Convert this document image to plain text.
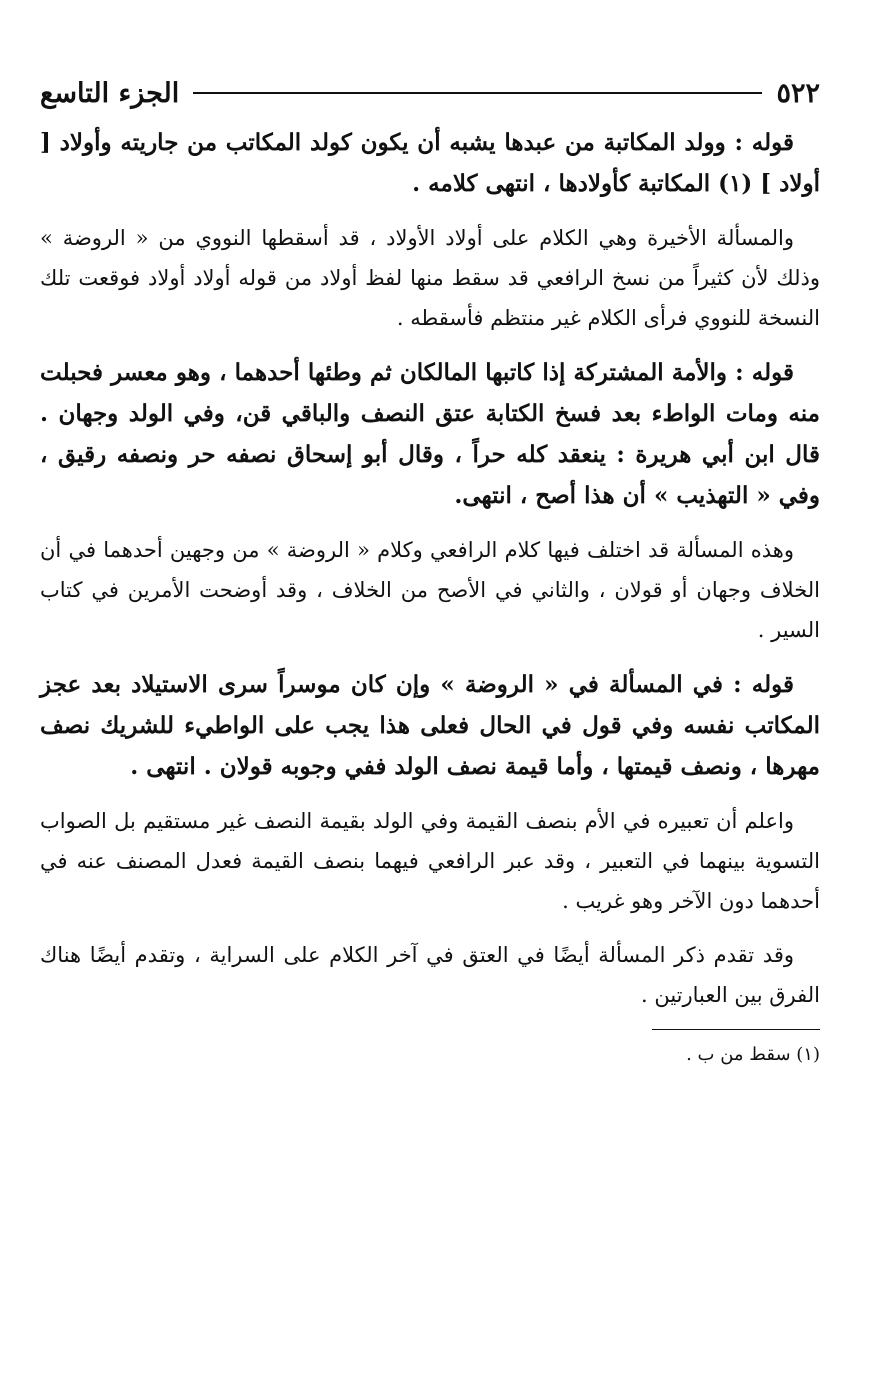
٥٢٢
الجزء التاسع

قوله : وولد المكاتبة من عبدها يشبه أن يكون كولد المكاتب من جاريته وأولاد [ أولاد ] (١) المكاتبة كأولادها ، انتهى كلامه .

والمسألة الأخيرة وهي الكلام على أولاد الأولاد ، قد أسقطها النووي من « الروضة » وذلك لأن كثيراً من نسخ الرافعي قد سقط منها لفظ أولاد من قوله أولاد أولاد فوقعت تلك النسخة للنووي فرأى الكلام غير منتظم فأسقطه .

قوله : والأمة المشتركة إذا كاتبها المالكان ثم وطئها أحدهما ، وهو معسر فحبلت منه ومات الواطء بعد فسخ الكتابة عتق النصف والباقي قن، وفي الولد وجهان . قال ابن أبي هريرة : ينعقد كله حراً ، وقال أبو إسحاق نصفه حر ونصفه رقيق ، وفي « التهذيب » أن هذا أصح ، انتهى.

وهذه المسألة قد اختلف فيها كلام الرافعي وكلام « الروضة » من وجهين أحدهما في أن الخلاف وجهان أو قولان ، والثاني في الأصح من الخلاف ، وقد أوضحت الأمرين في كتاب السير .

قوله : في المسألة في « الروضة » وإن كان موسراً سرى الاستيلاد بعد عجز المكاتب نفسه وفي قول في الحال فعلى هذا يجب على الواطيء للشريك نصف مهرها ، ونصف قيمتها ، وأما قيمة نصف الولد ففي وجوبه قولان . انتهى .

واعلم أن تعبيره في الأم بنصف القيمة وفي الولد بقيمة النصف غير مستقيم بل الصواب التسوية بينهما في التعبير ، وقد عبر الرافعي فيهما بنصف القيمة فعدل المصنف عنه في أحدهما دون الآخر وهو غريب .

وقد تقدم ذكر المسألة أيضًا في العتق في آخر الكلام على السراية ، وتقدم أيضًا هناك الفرق بين العبارتين .

(١) سقط من ب .
